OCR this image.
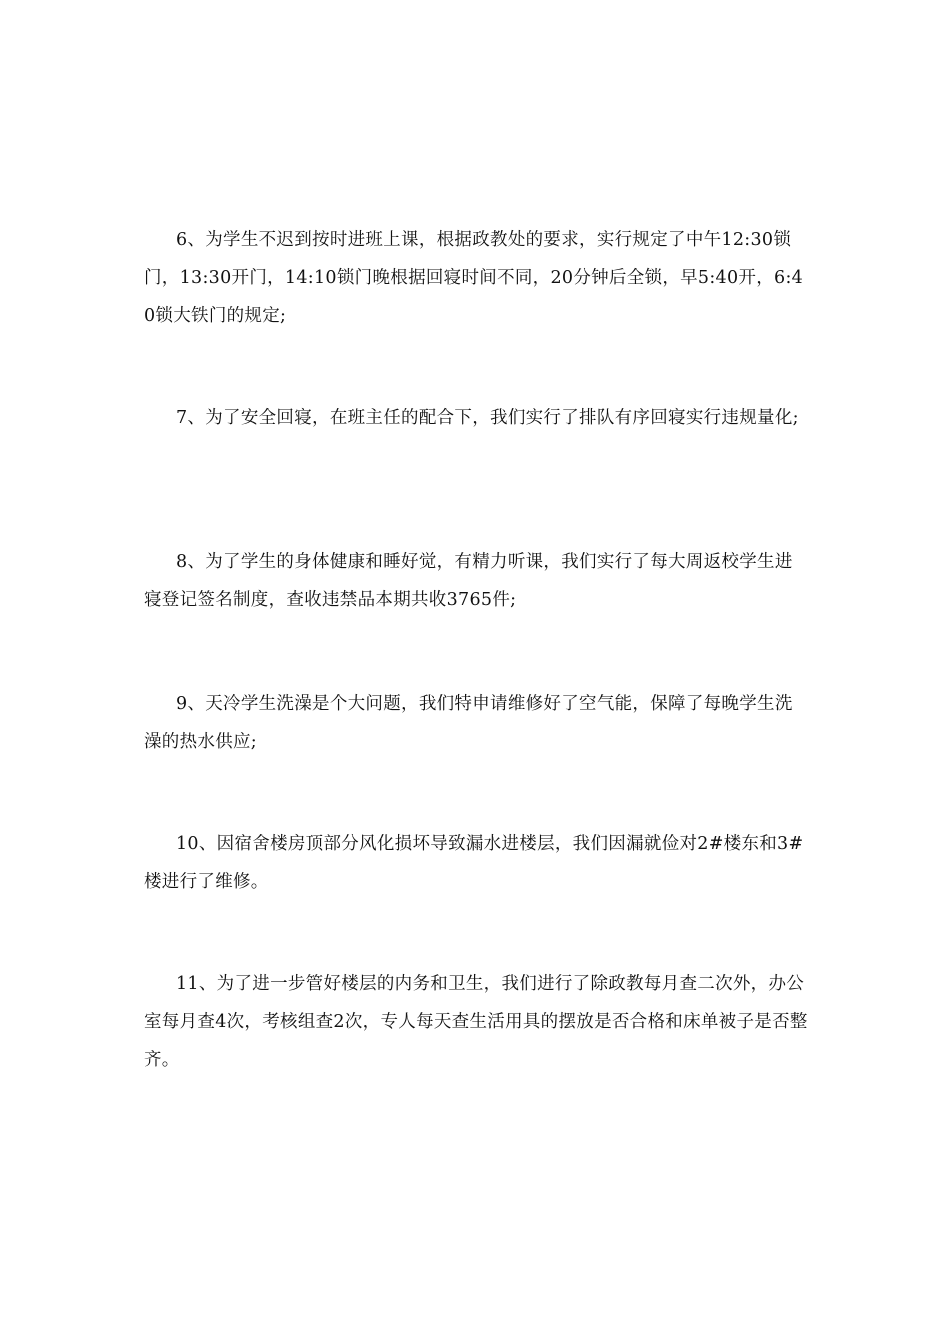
6、为学生不迟到按时进班上课，根据政教处的要求，实行规定了中午12:30锁门，13:30开门，14:10锁门晚根据回寝时间不同，20分钟后全锁，早5:40开，6:40锁大铁门的规定;

7、为了安全回寝，在班主任的配合下，我们实行了排队有序回寝实行违规量化;

8、为了学生的身体健康和睡好觉，有精力听课，我们实行了每大周返校学生进寝登记签名制度，查收违禁品本期共收3765件;

9、天冷学生洗澡是个大问题，我们特申请维修好了空气能，保障了每晚学生洗澡的热水供应;

10、因宿舍楼房顶部分风化损坏导致漏水进楼层，我们因漏就俭对2#楼东和3#楼进行了维修。

11、为了进一步管好楼层的内务和卫生，我们进行了除政教每月查二次外，办公室每月查4次，考核组查2次，专人每天查生活用具的摆放是否合格和床单被子是否整齐。
